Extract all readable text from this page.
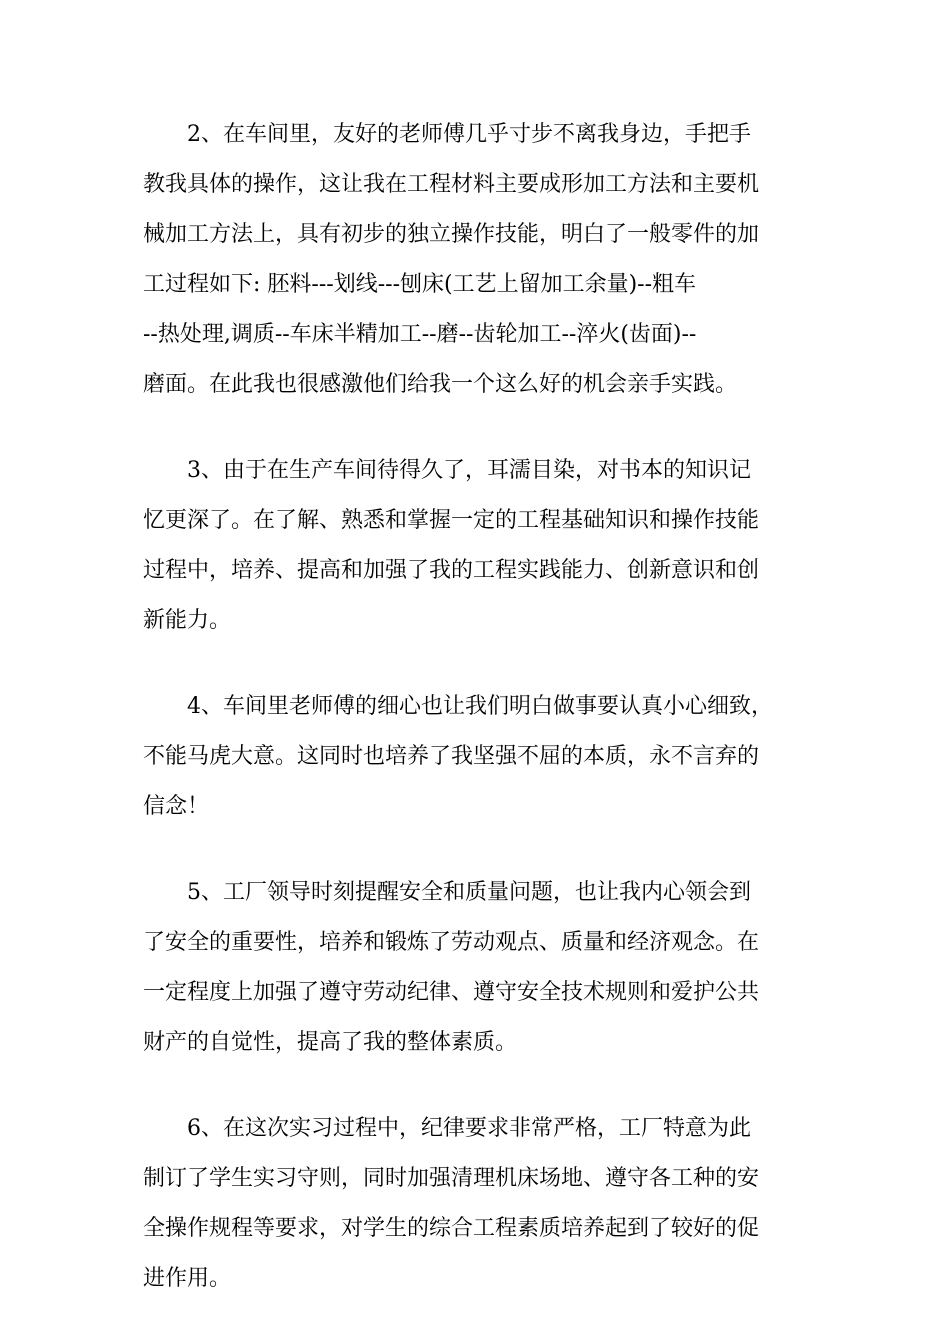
2、在车间里，友好的老师傅几乎寸步不离我身边，手把手
教我具体的操作，这让我在工程材料主要成形加工方法和主要机
械加工方法上，具有初步的独立操作技能，明白了一般零件的加
工过程如下: 胚料---划线---刨床(工艺上留加工余量)--粗车
--热处理,调质--车床半精加工--磨--齿轮加工--淬火(齿面)--
磨面。在此我也很感激他们给我一个这么好的机会亲手实践。

3、由于在生产车间待得久了，耳濡目染，对书本的知识记
忆更深了。在了解、熟悉和掌握一定的工程基础知识和操作技能
过程中，培养、提高和加强了我的工程实践能力、创新意识和创
新能力。

4、车间里老师傅的细心也让我们明白做事要认真小心细致，
不能马虎大意。这同时也培养了我坚强不屈的本质，永不言弃的
信念！

5、工厂领导时刻提醒安全和质量问题，也让我内心领会到
了安全的重要性，培养和锻炼了劳动观点、质量和经济观念。在
一定程度上加强了遵守劳动纪律、遵守安全技术规则和爱护公共
财产的自觉性，提高了我的整体素质。

6、在这次实习过程中，纪律要求非常严格，工厂特意为此
制订了学生实习守则，同时加强清理机床场地、遵守各工种的安
全操作规程等要求，对学生的综合工程素质培养起到了较好的促
进作用。
